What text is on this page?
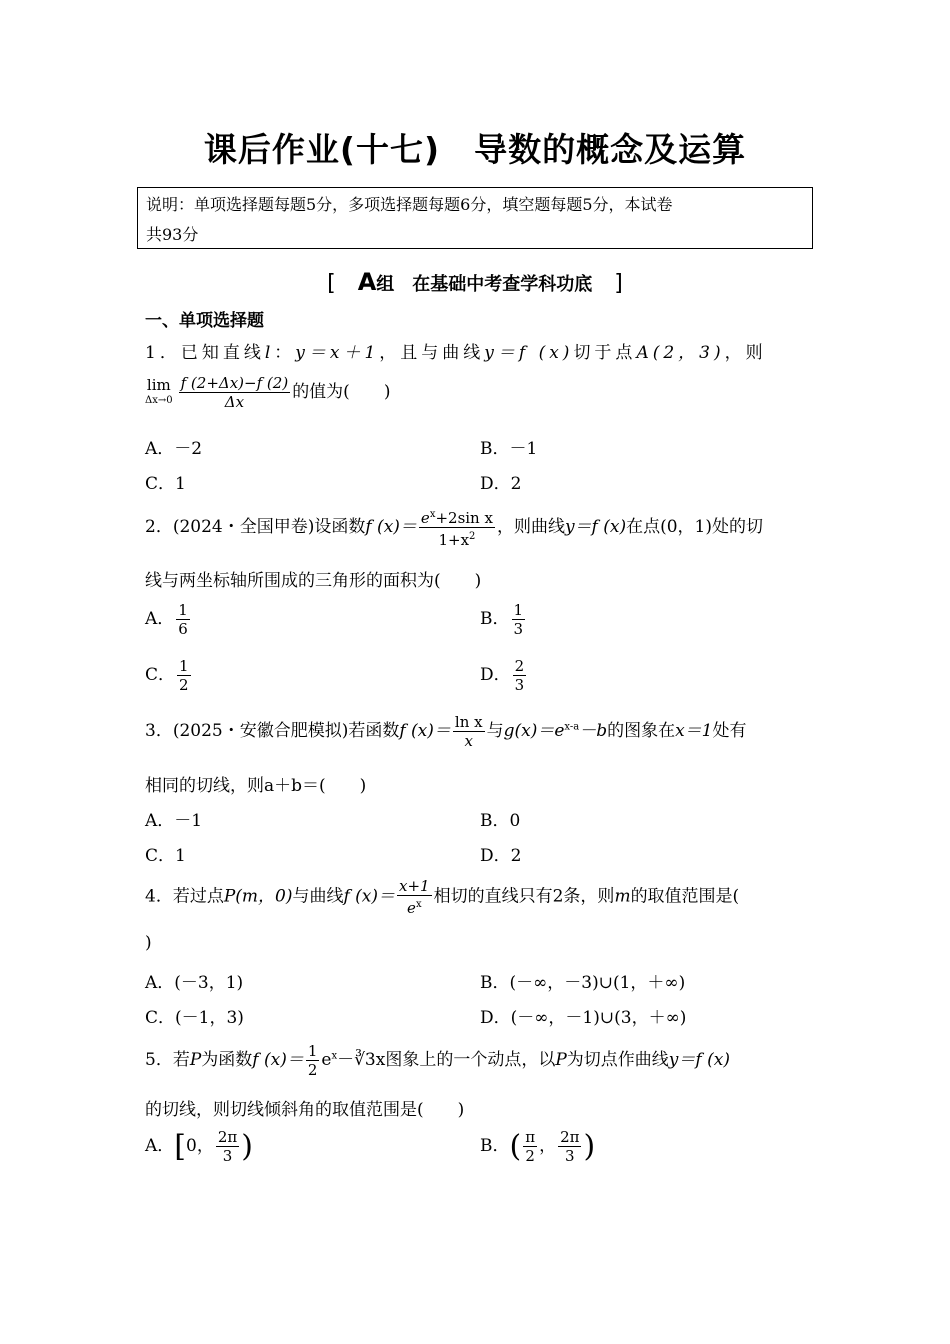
课后作业(十七)　导数的概念及运算
说明：单项选择题每题5分，多项选择题每题6分，填空题每题5分，本试卷
共93分
[　A组　在基础中考查学科功底　]
一、单项选择题
1．已知直线l：y＝x＋1，且与曲线y＝f (x)切于点A(2，3)，则
lim
$\Delta x\to 0 \frac{f (2+\Delta x)-f (2)}{\Delta x}$ 的值为(　　)
A．－2	B．－1
C．1	D．2
2．(2024・全国甲卷)设函数f $(x)= \frac{e^x+2\sin x}{1+x^2}$ ，则曲线y＝f (x)在点(0，1)处的切
线与两坐标轴所围成的三角形的面积为(　　)
A． $\frac{1}{6}$	B． $\frac{1}{3}$
C． $\frac{1}{2}$	D． $\frac{2}{3}$
3．(2025・安徽合肥模拟)若函数f $(x)= \frac{\text{ln x}}{x}$ 与$g(x)=e^{x-a}-b$的图象在x＝1处有
相同的切线，则a＋b＝(　　)
A．－1	B．0
C．1	D．2
4．若过点P(m，0)与曲线f $(x)= \frac{x+1}{e^x}$ 相切的直线只有2条，则m的取值范围是(
)
A．(－3，1)	B．(－∞，－3)∪(1，＋∞)
C．(－1，3)	D．(－∞，－1)∪(3，＋∞)
5．若P为函数f $(x)= \frac{1}{2}$ $e^x-∛3x$图象上的一个动点，以P为切点作曲线y＝f (x)
的切线，则切线倾斜角的取值范围是(　　)
A．[0， $\frac{2\pi}{3}$ )	B．( $\frac{\pi}{2}$ ， $\frac{2\pi}{3}$ )
